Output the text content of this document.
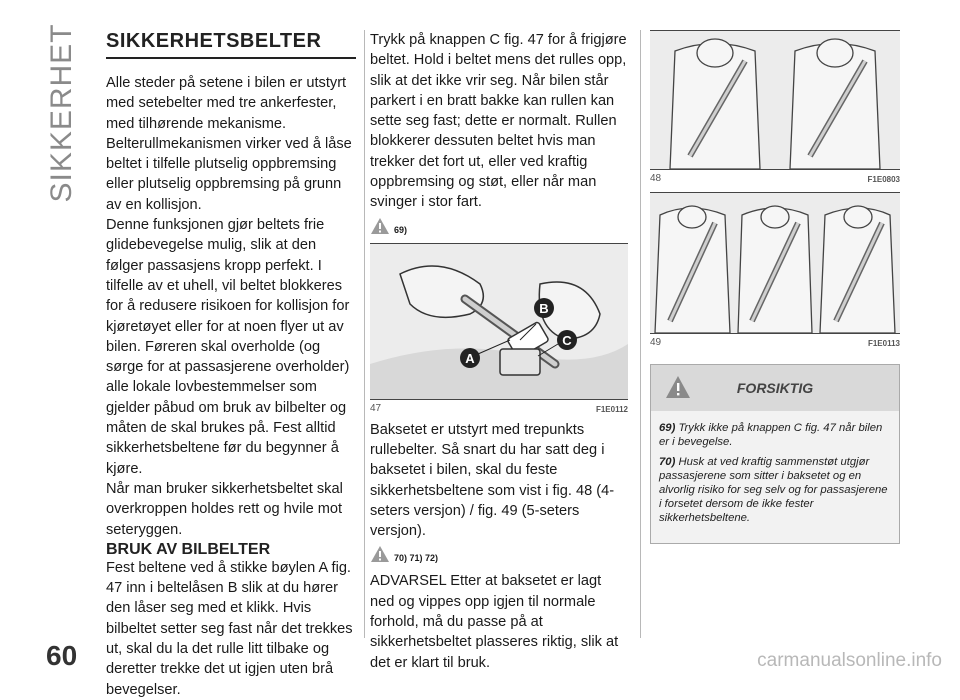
SIKKERHET SIKKERHETSBELTER

Alle steder på setene i bilen er utstyrt med setebelter med tre ankerfester, med tilhørende mekanisme.

Belterullmekanismen virker ved å låse beltet i tilfelle plutselig oppbremsing eller plutselig oppbremsing på grunn av en kollisjon.

Denne funksjonen gjør beltets frie glidebevegelse mulig, slik at den følger passasjens kropp perfekt. I tilfelle av et uhell, vil beltet blokkeres for å redusere risikoen for kollisjon for kjøretøyet eller for at noen flyer ut av bilen. Føreren skal overholde (og sørge for at passasjerene overholder) alle lokale lovbestemmelser som gjelder påbud om bruk av bilbelter og måten de skal brukes på. Fest alltid sikkerhetsbeltene før du begynner å kjøre.

Når man bruker sikkerhetsbeltet skal overkroppen holdes rett og hvile mot seteryggen.

BRUK AV BILBELTER

Fest beltene ved å stikke bøylen A fig. 47 inn i beltelåsen B slik at du hører den låser seg med et klikk. Hvis bilbeltet setter seg fast når det trekkes ut, skal du la det rulle litt tilbake og deretter trekke det ut igjen uten brå bevegelser.

Trykk på knappen C fig. 47 for å frigjøre beltet. Hold i beltet mens det rulles opp, slik at det ikke vrir seg. Når bilen står parkert i en bratt bakke kan rullen kan sette seg fast; dette er normalt. Rullen blokkerer dessuten beltet hvis man trekker det fort ut, eller ved kraftig oppbremsing og støt, eller når man svinger i stor fart.

69)
A
B
C
47	F1E0112

Baksetet er utstyrt med trepunkts rullebelter. Så snart du har satt deg i baksetet i bilen, skal du feste sikkerhetsbeltene som vist i fig. 48 (4-seters versjon) / fig. 49 (5-seters versjon).

70) 71) 72)

ADVARSEL Etter at baksetet er lagt ned og vippes opp igjen til normale forhold, må du passe på at sikkerhetsbeltet plasseres riktig, slik at det er klart til bruk.

48	F1E0803
49	F1E0113
FORSIKTIG
69) Trykk ikke på knappen C fig. 47 når bilen er i bevegelse.
70) Husk at ved kraftig sammenstøt utgjør passasjerene som sitter i baksetet og en alvorlig risiko for seg selv og for passasjerene i forsetet dersom de ikke fester sikkerhetsbeltene.
60	carmanualsonline.info
